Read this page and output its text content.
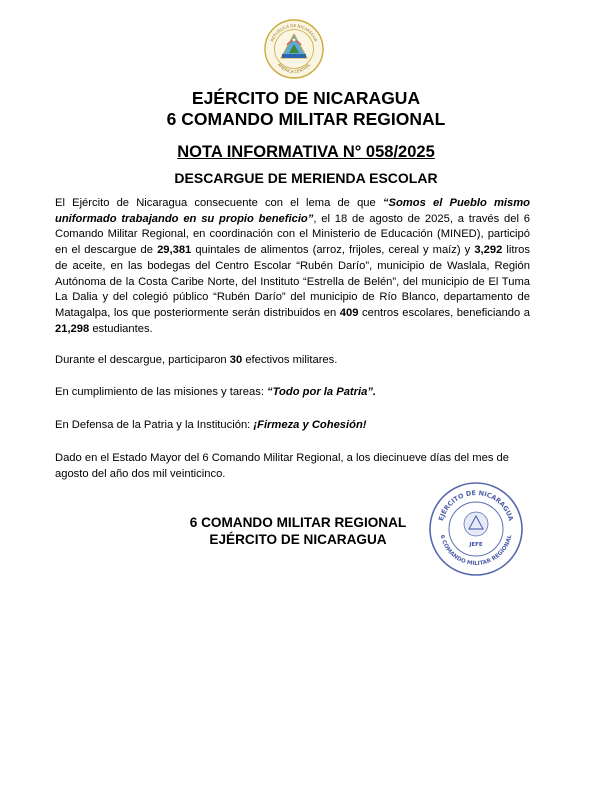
REPUBLICA DE NICARAGUA
AMERICA CENTRAL
EJÉRCITO DE NICARAGUA
6 COMANDO MILITAR REGIONAL
NOTA INFORMATIVA N° 058/2025
DESCARGUE DE MERIENDA ESCOLAR
El Ejército de Nicaragua consecuente con el lema de que “Somos el Pueblo mismo uniformado trabajando en su propio beneficio”, el 18 de agosto de 2025, a través del 6 Comando Militar Regional, en coordinación con el Ministerio de Educación (MINED), participó en el descargue de 29,381 quintales de alimentos (arroz, frijoles, cereal y maíz) y 3,292 litros de aceite, en las bodegas del Centro Escolar “Rubén Darío”, municipio de Waslala, Región Autónoma de la Costa Caribe Norte, del Instituto “Estrella de Belén”, del municipio de El Tuma La Dalia y del colegió público “Rubén Darío” del municipio de Río Blanco, departamento de Matagalpa, los que posteriormente serán distribuidos en 409 centros escolares, beneficiando a 21,298 estudiantes.
Durante el descargue, participaron 30 efectivos militares.
En cumplimiento de las misiones y tareas: “Todo por la Patria”.
En Defensa de la Patria y la Institución: ¡Firmeza y Cohesión!
Dado en el Estado Mayor del 6 Comando Militar Regional, a los diecinueve días del mes de agosto del año dos mil veinticinco.
6 COMANDO MILITAR REGIONAL
EJÉRCITO DE NICARAGUA
EJÉRCITO DE NICARAGUA
6 COMANDO MILITAR REGIONAL
JEFE
